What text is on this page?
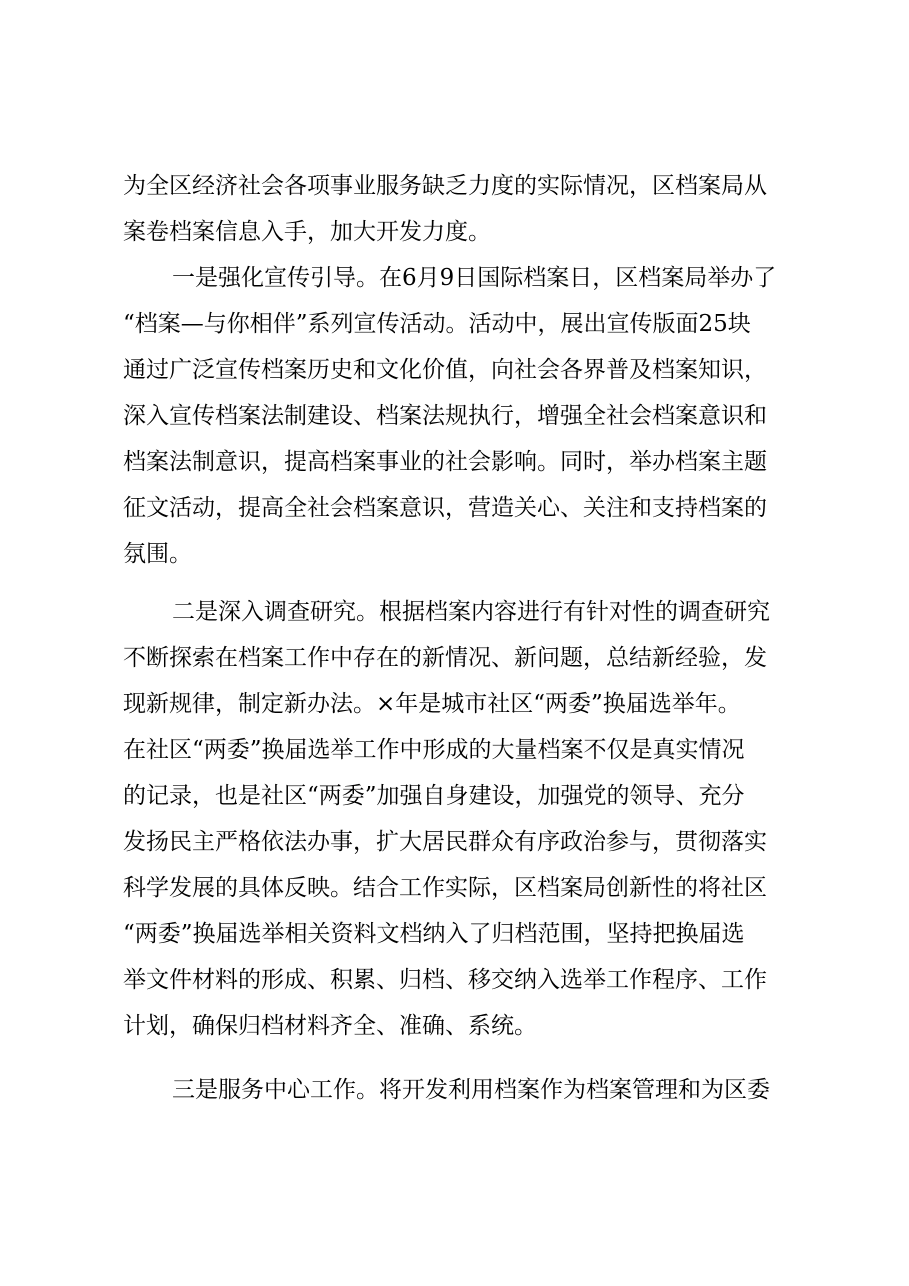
为全区经济社会各项事业服务缺乏力度的实际情况，区档案局从
案卷档案信息入手，加大开发力度。
一是强化宣传引导。在6月9日国际档案日，区档案局举办了
“档案—与你相伴”系列宣传活动。活动中，展出宣传版面25块
通过广泛宣传档案历史和文化价值，向社会各界普及档案知识，
深入宣传档案法制建设、档案法规执行，增强全社会档案意识和
档案法制意识，提高档案事业的社会影响。同时，举办档案主题
征文活动，提高全社会档案意识，营造关心、关注和支持档案的
氛围。
二是深入调查研究。根据档案内容进行有针对性的调查研究
不断探索在档案工作中存在的新情况、新问题，总结新经验，发
现新规律，制定新办法。×年是城市社区“两委”换届选举年。
在社区“两委”换届选举工作中形成的大量档案不仅是真实情况
的记录，也是社区“两委”加强自身建设，加强党的领导、充分
发扬民主严格依法办事，扩大居民群众有序政治参与，贯彻落实
科学发展的具体反映。结合工作实际，区档案局创新性的将社区
“两委”换届选举相关资料文档纳入了归档范围，坚持把换届选
举文件材料的形成、积累、归档、移交纳入选举工作程序、工作
计划，确保归档材料齐全、准确、系统。
三是服务中心工作。将开发利用档案作为档案管理和为区委
